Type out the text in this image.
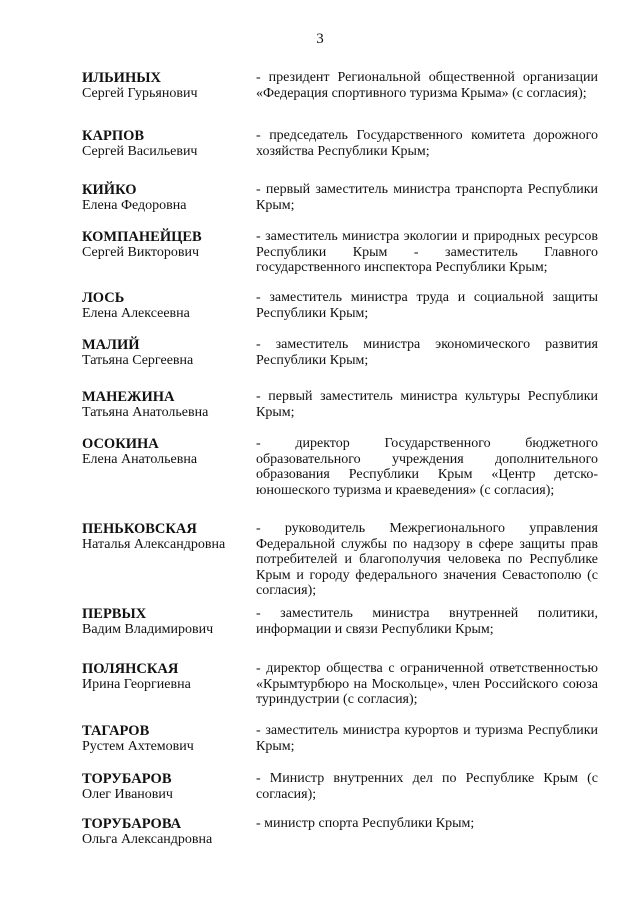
3
ИЛЬИНЫХ
Сергей Гурьянович
- президент Региональной общественной организации «Федерация спортивного туризма Крыма» (с согласия);
КАРПОВ
Сергей Васильевич
- председатель Государственного комитета дорожного хозяйства Республики Крым;
КИЙКО
Елена Федоровна
- первый заместитель министра транспорта Республики Крым;
КОМПАНЕЙЦЕВ
Сергей Викторович
- заместитель министра экологии и природных ресурсов Республики Крым - заместитель Главного государственного инспектора Республики Крым;
ЛОСЬ
Елена Алексеевна
- заместитель министра труда и социальной защиты Республики Крым;
МАЛИЙ
Татьяна Сергеевна
- заместитель министра экономического развития Республики Крым;
МАНЕЖИНА
Татьяна Анатольевна
- первый заместитель министра культуры Республики Крым;
ОСОКИНА
Елена Анатольевна
- директор Государственного бюджетного образовательного учреждения дополнительного образования Республики Крым «Центр детско-юношеского туризма и краеведения» (с согласия);
ПЕНЬКОВСКАЯ
Наталья Александровна
- руководитель Межрегионального управления Федеральной службы по надзору в сфере защиты прав потребителей и благополучия человека по Республике Крым и городу федерального значения Севастополю (с согласия);
ПЕРВЫХ
Вадим Владимирович
- заместитель министра внутренней политики, информации и связи Республики Крым;
ПОЛЯНСКАЯ
Ирина Георгиевна
- директор общества с ограниченной ответственностью «Крымтурбюро на Москольце», член Российского союза туриндустрии (с согласия);
ТАГАРОВ
Рустем Ахтемович
- заместитель министра курортов и туризма Республики Крым;
ТОРУБАРОВ
Олег Иванович
- Министр внутренних дел по Республике Крым (с согласия);
ТОРУБАРОВА
Ольга Александровна
- министр спорта Республики Крым;
